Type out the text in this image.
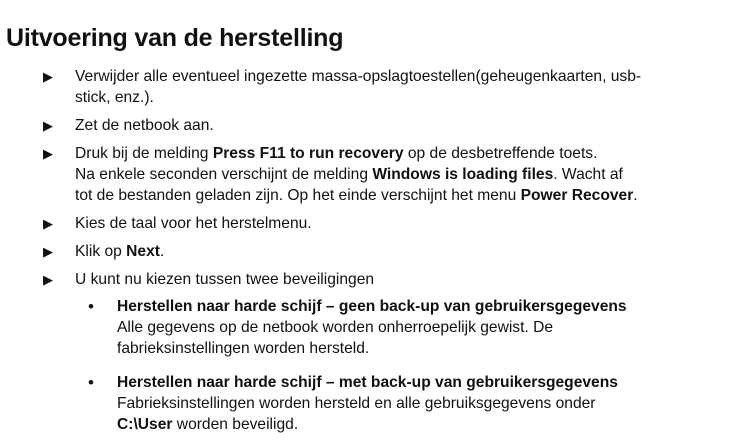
Uitvoering van de herstelling
▶ Verwijder alle eventueel ingezette massa-opslagtoestellen(geheugenkaarten, usb-
stick, enz.).
▶ Zet de netbook aan.
▶ Druk bij de melding Press F11 to run recovery op de desbetreffende toets.
Na enkele seconden verschijnt de melding Windows is loading files. Wacht af
tot de bestanden geladen zijn. Op het einde verschijnt het menu Power Recover.
▶ Kies de taal voor het herstelmenu.
▶ Klik op Next.
▶ U kunt nu kiezen tussen twee beveiligingen
• Herstellen naar harde schijf – geen back-up van gebruikersgegevens
Alle gegevens op de netbook worden onherroepelijk gewist. De
fabrieksinstellingen worden hersteld.
• Herstellen naar harde schijf – met back-up van gebruikersgegevens
Fabrieksinstellingen worden hersteld en alle gebruiksgegevens onder
C:\User worden beveiligd.
